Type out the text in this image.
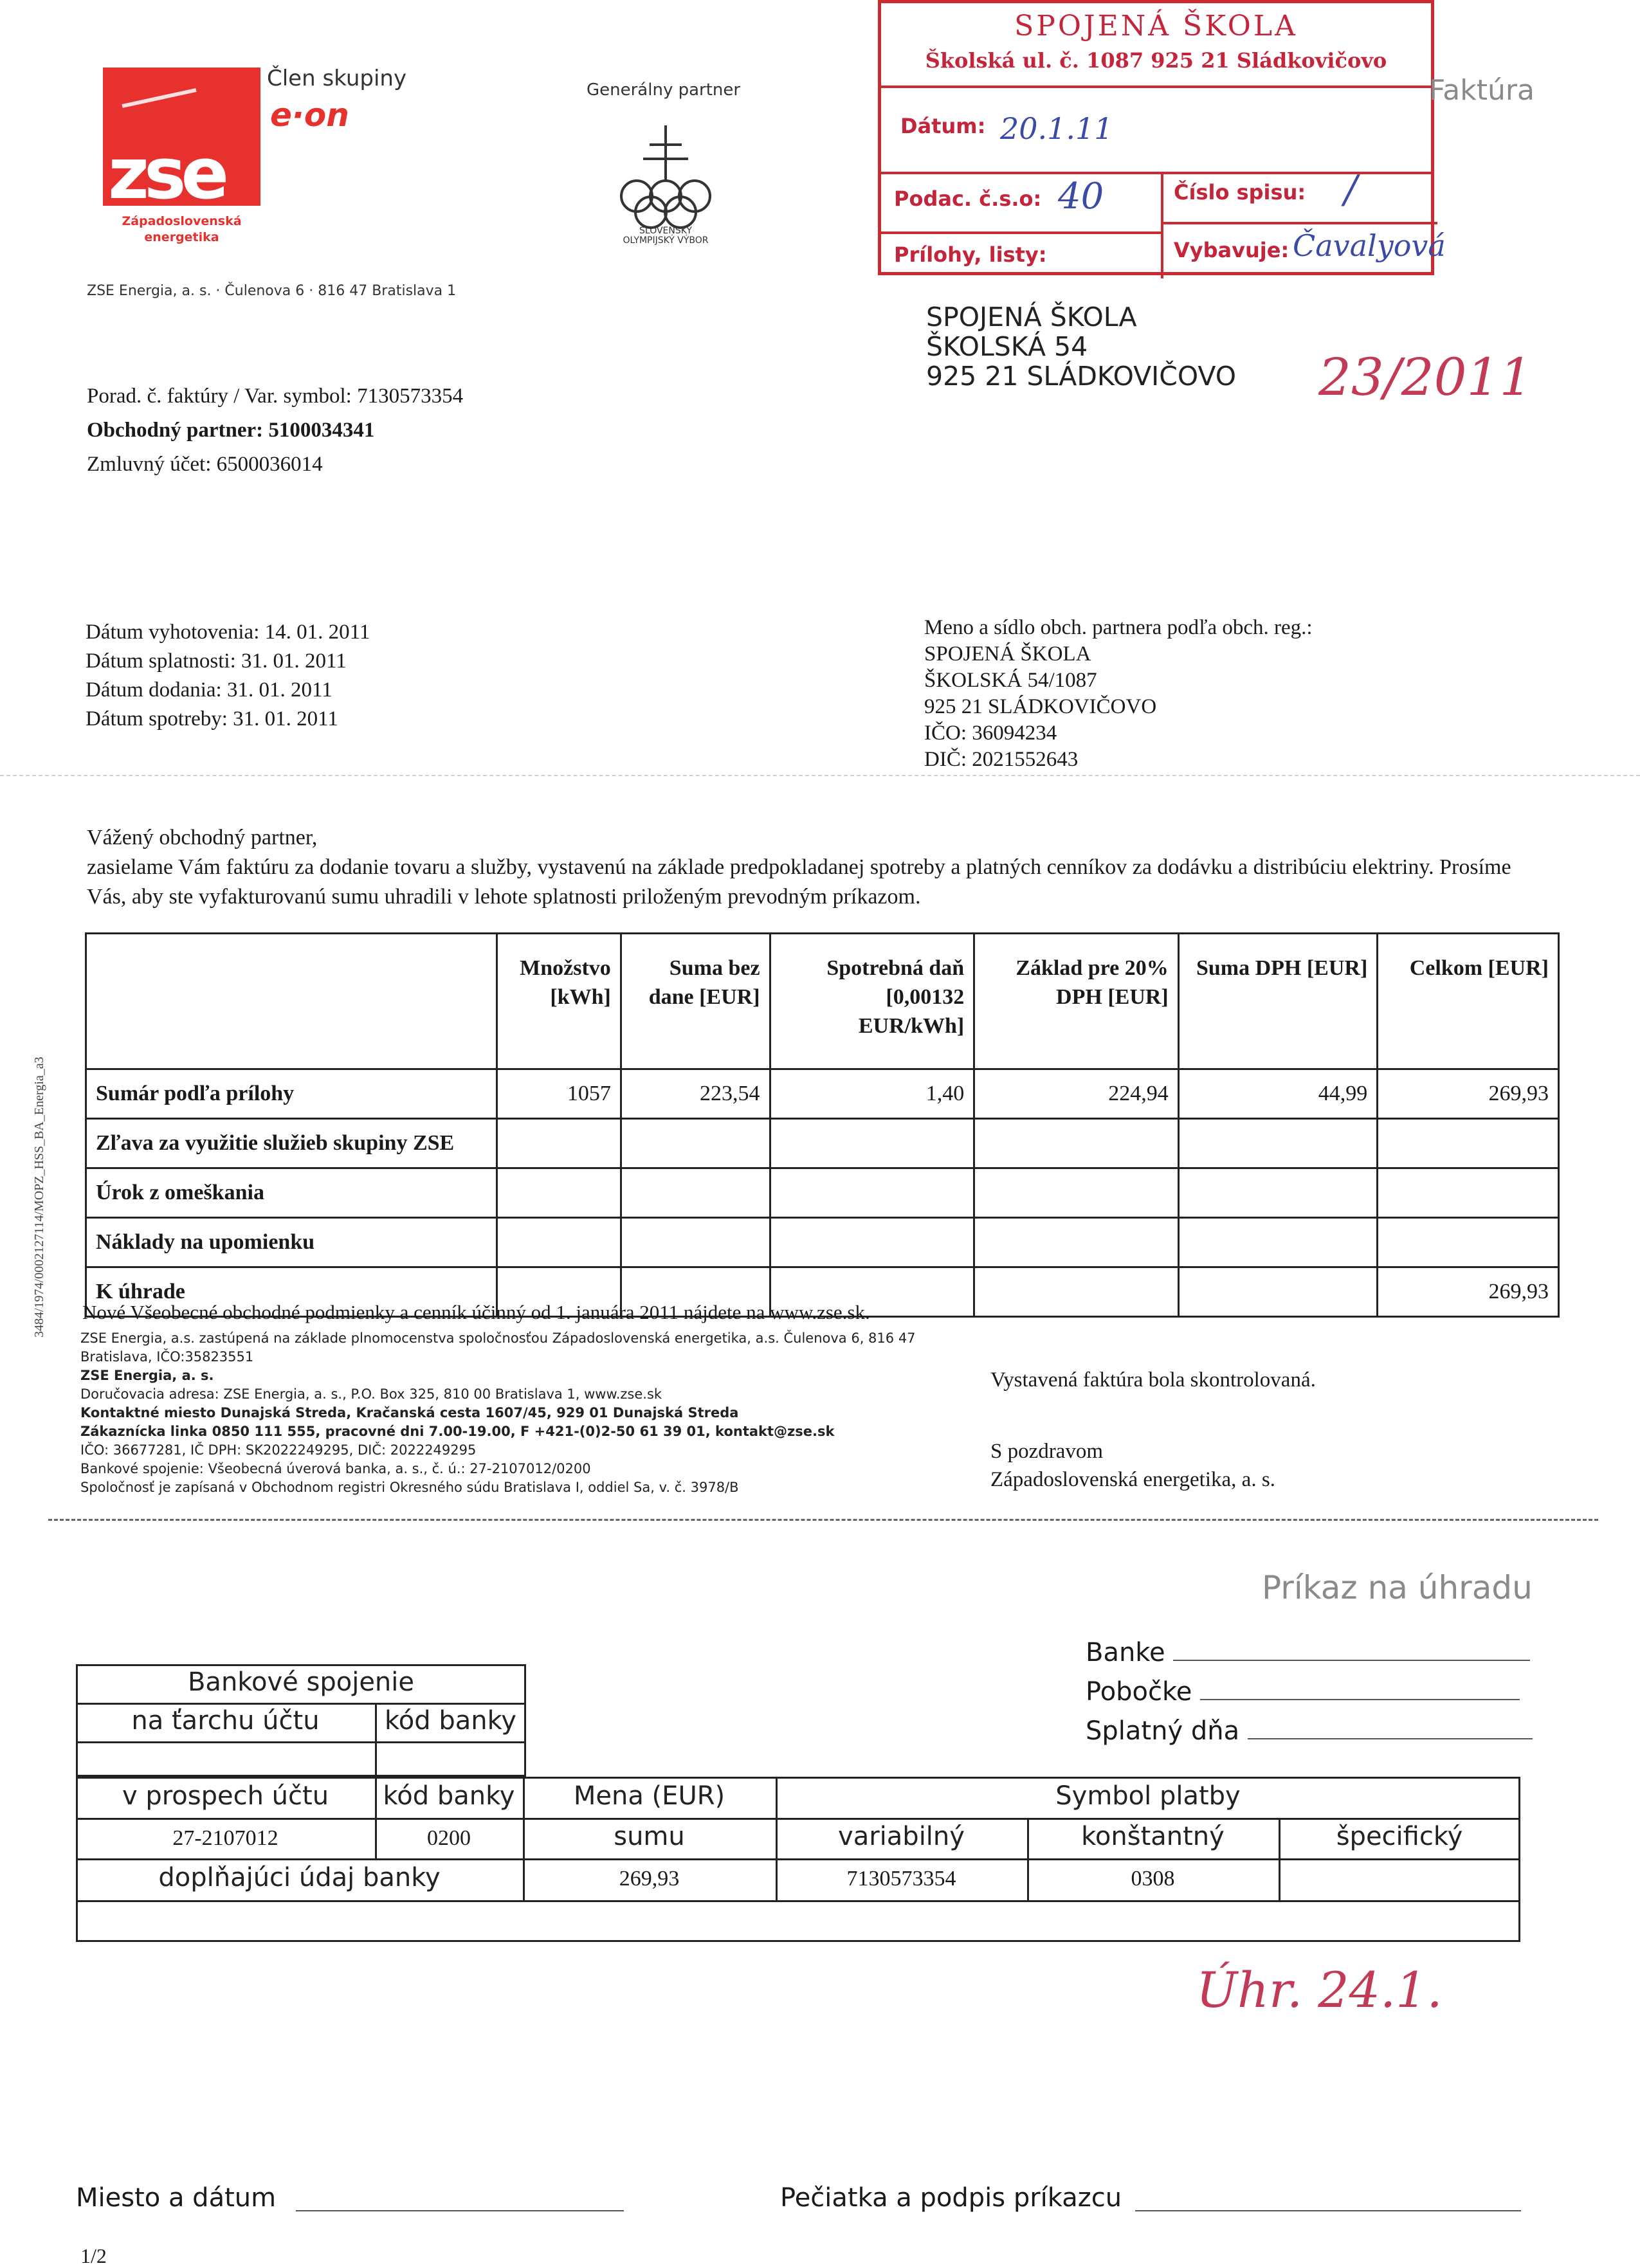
zse
Západoslovenská energetika
Člen skupiny
e·on
Generálny partner
SLOVENSKÝ OLYMPIJSKÝ VÝBOR
ZSE Energia, a. s. · Čulenova 6 · 816 47 Bratislava 1
SPOJENÁ ŠKOLA
Školská ul. č. 1087 925 21 Sládkovičovo
Dátum: 20.1.11
Podac. č.s.o: 40	Číslo spisu: /
Prílohy, listy:	Vybavuje: Čavalyová
Faktúra
SPOJENÁ ŠKOLA
ŠKOLSKÁ 54
925 21 SLÁDKOVIČOVO 23/2011
Porad. č. faktúry / Var. symbol: 7130573354
Obchodný partner: 5100034341
Zmluvný účet: 6500036014
Dátum vyhotovenia: 14. 01. 2011
Dátum splatnosti: 31. 01. 2011
Dátum dodania: 31. 01. 2011
Dátum spotreby: 31. 01. 2011
Meno a sídlo obch. partnera podľa obch. reg.:
SPOJENÁ ŠKOLA
ŠKOLSKÁ 54/1087
925 21 SLÁDKOVIČOVO
IČO: 36094234
DIČ: 2021552643
Vážený obchodný partner,
zasielame Vám faktúru za dodanie tovaru a služby, vystavenú na základe predpokladanej spotreby a platných cenníkov za dodávku a distribúciu elektriny. Prosíme Vás, aby ste vyfakturovanú sumu uhradili v lehote splatnosti priloženým prevodným príkazom.
	Množstvo [kWh]	Suma bez dane [EUR]	Spotrebná daň [0,00132 EUR/kWh]	Základ pre 20% DPH [EUR]	Suma DPH [EUR]	Celkom [EUR]
Sumár podľa prílohy	1057	223,54	1,40	224,94	44,99	269,93
Zľava za využitie služieb skupiny ZSE						
Úrok z omeškania						
Náklady na upomienku						
K úhrade						269,93
3484/1974/0002127114/MOPZ_HSS_BA_Energia_a3 Nové Všeobecné obchodné podmienky a cenník účinný od 1. januára 2011 nájdete na www.zse.sk.
ZSE Energia, a.s. zastúpená na základe plnomocenstva spoločnosťou Západoslovenská energetika, a.s. Čulenova 6, 816 47 Bratislava, IČO:35823551
ZSE Energia, a. s.
Doručovacia adresa: ZSE Energia, a. s., P.O. Box 325, 810 00 Bratislava 1, www.zse.sk
Kontaktné miesto Dunajská Streda, Kračanská cesta 1607/45, 929 01 Dunajská Streda
Zákaznícka linka 0850 111 555, pracovné dni 7.00-19.00, F +421-(0)2-50 61 39 01, kontakt@zse.sk
IČO: 36677281, IČ DPH: SK2022249295, DIČ: 2022249295
Bankové spojenie: Všeobecná úverová banka, a. s., č. ú.: 27-2107012/0200
Spoločnosť je zapísaná v Obchodnom registri Okresného súdu Bratislava I, oddiel Sa, v. č. 3978/B
Vystavená faktúra bola skontrolovaná.
S pozdravom
Západoslovenská energetika, a. s.
Príkaz na úhradu
Banke
Pobočke
Splatný dňa
Bankové spojenie
na ťarchu účtu	kód banky
v prospech účtu	kód banky	Mena (EUR)	Symbol platby
27-2107012	0200	sumu	variabilný	konštantný	špecifický
doplňajúci údaj banky	269,93	7130573354	0308
Úhr. 24.1.
Miesto a dátum	Pečiatka a podpis príkazcu
1/2
